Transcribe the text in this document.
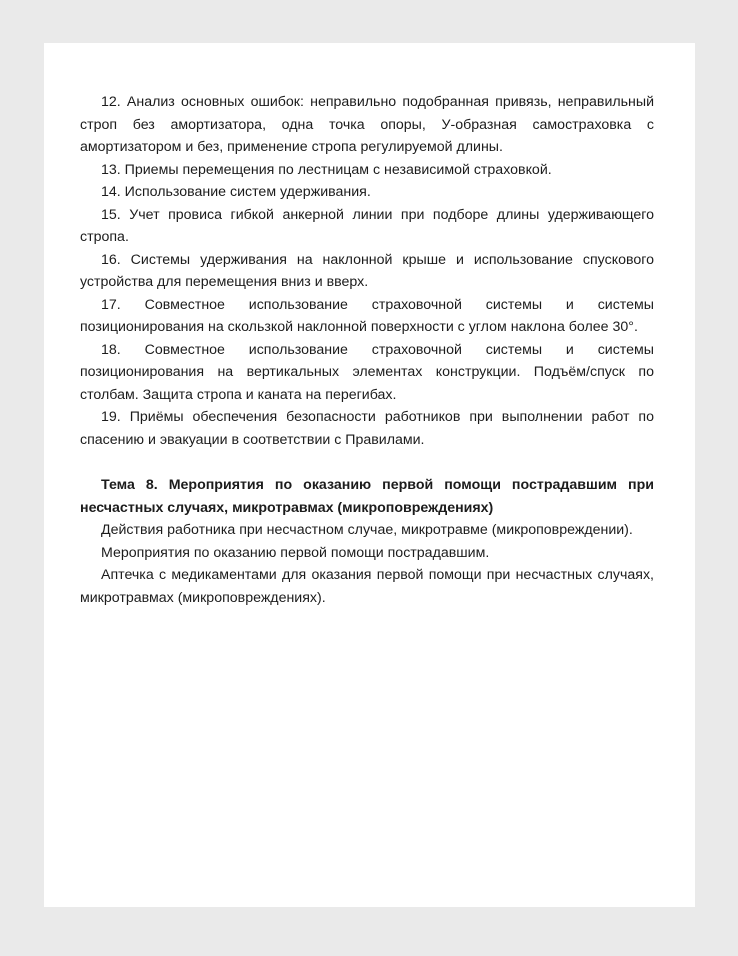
12. Анализ основных ошибок: неправильно подобранная привязь, неправильный строп без амортизатора, одна точка опоры, У-образная самостраховка с амортизатором и без, применение стропа регулируемой длины.

13. Приемы перемещения по лестницам с независимой страховкой.

14. Использование систем удерживания.

15. Учет провиса гибкой анкерной линии при подборе длины удерживающего стропа.

16. Системы удерживания на наклонной крыше и использование спускового устройства для перемещения вниз и вверх.

17. Совместное использование страховочной системы и системы позиционирования на скользкой наклонной поверхности с углом наклона более 30°.

18. Совместное использование страховочной системы и системы позиционирования на вертикальных элементах конструкции. Подъём/спуск по столбам. Защита стропа и каната на перегибах.

19. Приёмы обеспечения безопасности работников при выполнении работ по спасению и эвакуации в соответствии с Правилами.

Тема 8. Мероприятия по оказанию первой помощи пострадавшим при несчастных случаях, микротравмах (микроповреждениях)

Действия работника при несчастном случае, микротравме (микроповреждении).

Мероприятия по оказанию первой помощи пострадавшим.

Аптечка с медикаментами для оказания первой помощи при несчастных случаях, микротравмах (микроповреждениях).
